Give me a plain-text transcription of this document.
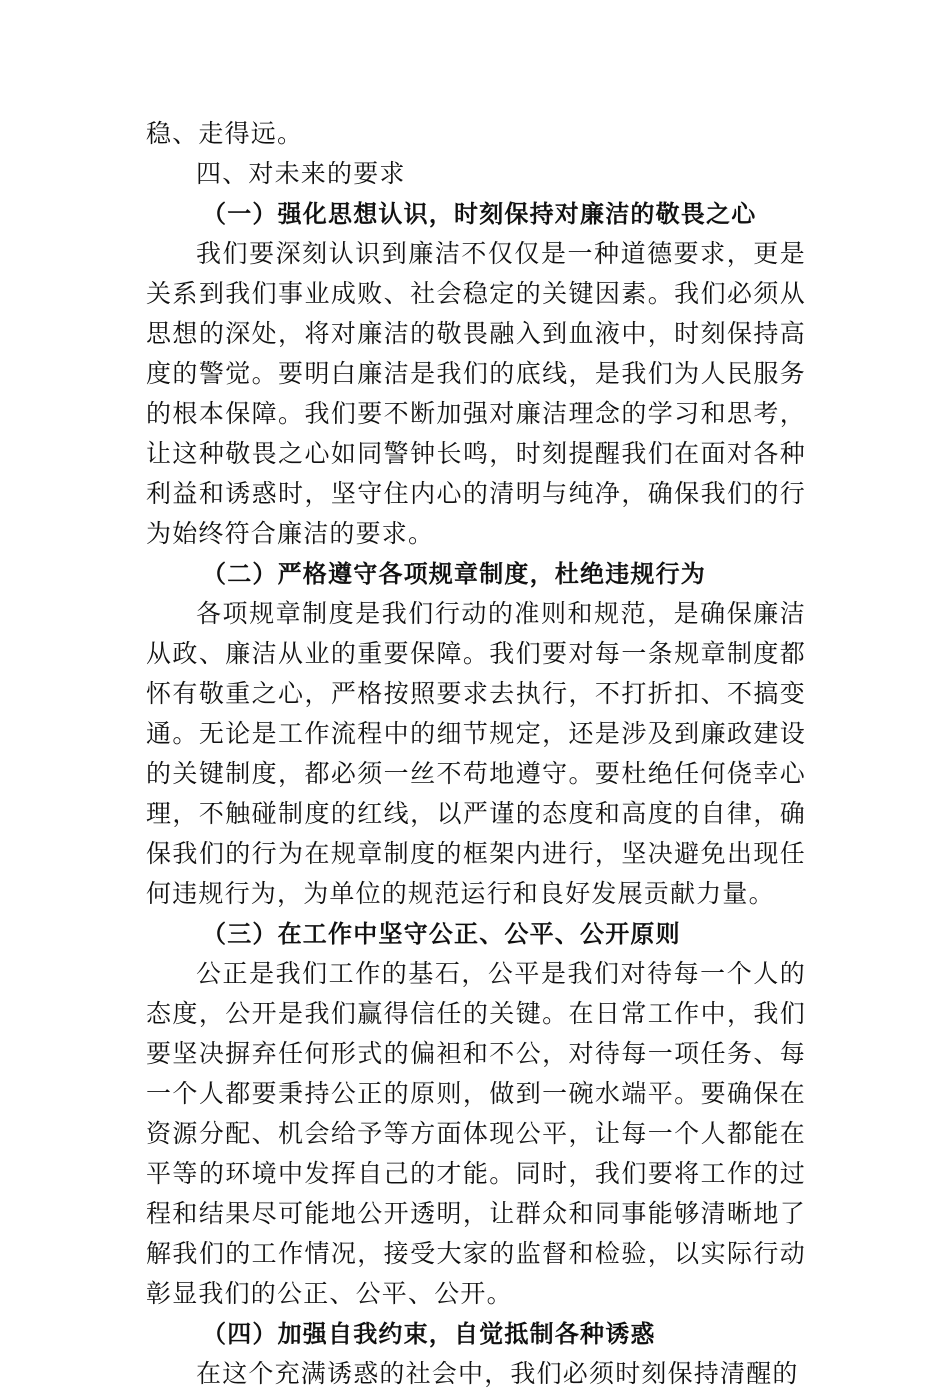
稳、走得远。

四、对未来的要求

（一）强化思想认识，时刻保持对廉洁的敬畏之心

我们要深刻认识到廉洁不仅仅是一种道德要求，更是关系到我们事业成败、社会稳定的关键因素。我们必须从思想的深处，将对廉洁的敬畏融入到血液中，时刻保持高度的警觉。要明白廉洁是我们的底线，是我们为人民服务的根本保障。我们要不断加强对廉洁理念的学习和思考，让这种敬畏之心如同警钟长鸣，时刻提醒我们在面对各种利益和诱惑时，坚守住内心的清明与纯净，确保我们的行为始终符合廉洁的要求。

（二）严格遵守各项规章制度，杜绝违规行为

各项规章制度是我们行动的准则和规范，是确保廉洁从政、廉洁从业的重要保障。我们要对每一条规章制度都怀有敬重之心，严格按照要求去执行，不打折扣、不搞变通。无论是工作流程中的细节规定，还是涉及到廉政建设的关键制度，都必须一丝不苟地遵守。要杜绝任何侥幸心理，不触碰制度的红线，以严谨的态度和高度的自律，确保我们的行为在规章制度的框架内进行，坚决避免出现任何违规行为，为单位的规范运行和良好发展贡献力量。

（三）在工作中坚守公正、公平、公开原则

公正是我们工作的基石，公平是我们对待每一个人的态度，公开是我们赢得信任的关键。在日常工作中，我们要坚决摒弃任何形式的偏袒和不公，对待每一项任务、每一个人都要秉持公正的原则，做到一碗水端平。要确保在资源分配、机会给予等方面体现公平，让每一个人都能在平等的环境中发挥自己的才能。同时，我们要将工作的过程和结果尽可能地公开透明，让群众和同事能够清晰地了解我们的工作情况，接受大家的监督和检验，以实际行动彰显我们的公正、公平、公开。

（四）加强自我约束，自觉抵制各种诱惑

在这个充满诱惑的社会中，我们必须时刻保持清醒的
